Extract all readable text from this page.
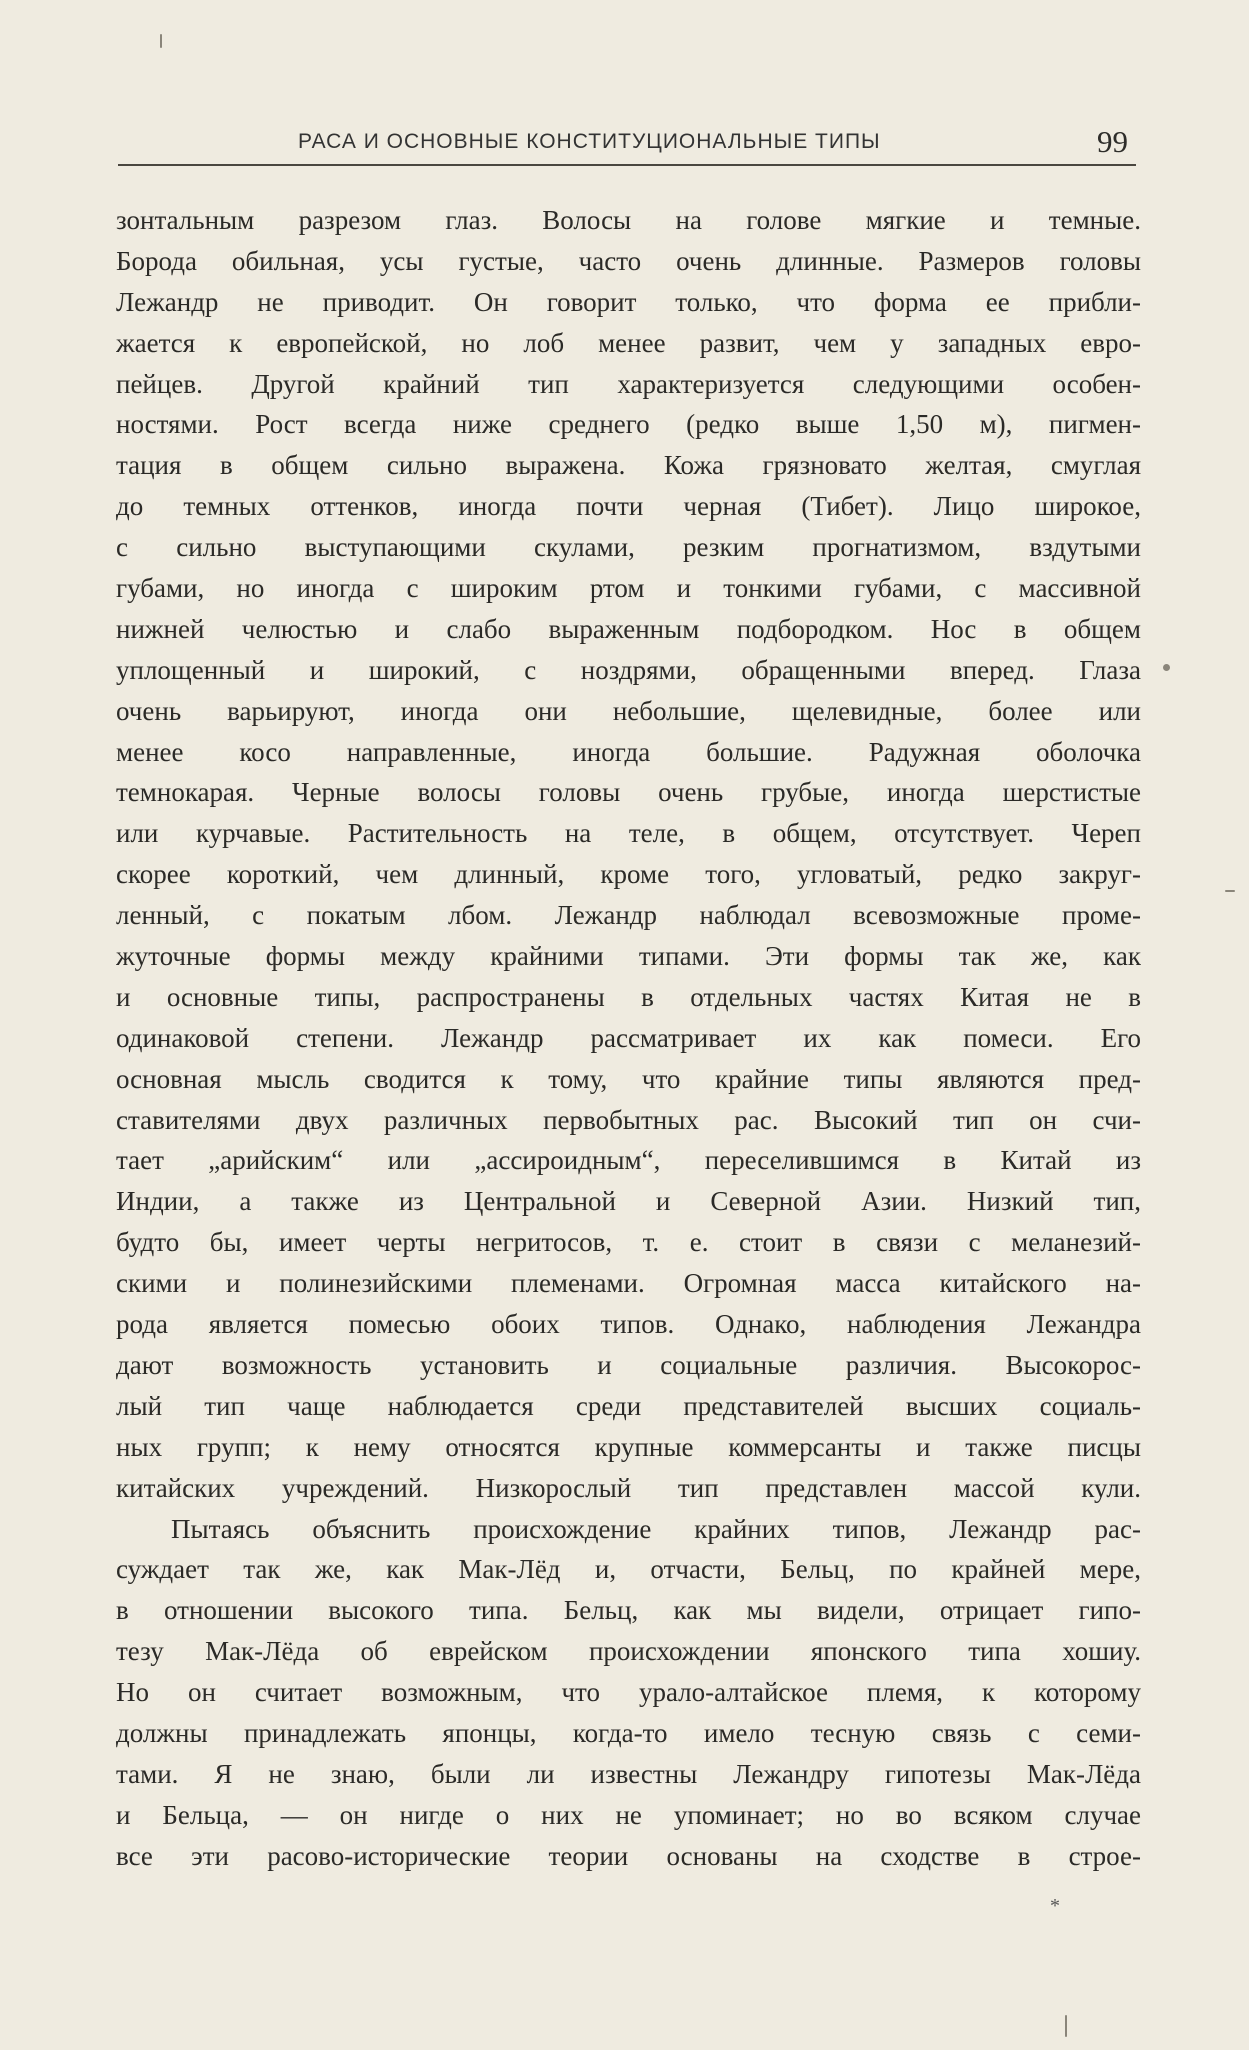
РАСА И ОСНОВНЫЕ КОНСТИТУЦИОНАЛЬНЫЕ ТИПЫ	99
зонтальным разрезом глаз. Волосы на голове мягкие и темные.
Борода обильная, усы густые, часто очень длинные. Размеров головы
Лежандр не приводит. Он говорит только, что форма ее прибли-
жается к европейской, но лоб менее развит, чем у западных евро-
пейцев. Другой крайний тип характеризуется следующими особен-
ностями. Рост всегда ниже среднего (редко выше 1,50 м), пигмен-
тация в общем сильно выражена. Кожа грязновато желтая, смуглая
до темных оттенков, иногда почти черная (Тибет). Лицо широкое,
с сильно выступающими скулами, резким прогнатизмом, вздутыми
губами, но иногда с широким ртом и тонкими губами, с массивной
нижней челюстью и слабо выраженным подбородком. Нос в общем
уплощенный и широкий, с ноздрями, обращенными вперед. Глаза
очень варьируют, иногда они небольшие, щелевидные, более или
менее косо направленные, иногда большие. Радужная оболочка
темнокарая. Черные волосы головы очень грубые, иногда шерстистые
или курчавые. Растительность на теле, в общем, отсутствует. Череп
скорее короткий, чем длинный, кроме того, угловатый, редко закруг-
ленный, с покатым лбом. Лежандр наблюдал всевозможные проме-
жуточные формы между крайними типами. Эти формы так же, как
и основные типы, распространены в отдельных частях Китая не в
одинаковой степени. Лежандр рассматривает их как помеси. Его
основная мысль сводится к тому, что крайние типы являются пред-
ставителями двух различных первобытных рас. Высокий тип он счи-
тает „арийским“ или „ассироидным“, переселившимся в Китай из
Индии, а также из Центральной и Северной Азии. Низкий тип,
будто бы, имеет черты негритосов, т. е. стоит в связи с меланезий-
скими и полинезийскими племенами. Огромная масса китайского на-
рода является помесью обоих типов. Однако, наблюдения Лежандра
дают возможность установить и социальные различия. Высокорос-
лый тип чаще наблюдается среди представителей высших социаль-
ных групп; к нему относятся крупные коммерсанты и также писцы
китайских учреждений. Низкорослый тип представлен массой кули.
Пытаясь объяснить происхождение крайних типов, Лежандр рас-
суждает так же, как Мак-Лёд и, отчасти, Бельц, по крайней мере,
в отношении высокого типа. Бельц, как мы видели, отрицает гипо-
тезу Мак-Лёда об еврейском происхождении японского типа хошиу.
Но он считает возможным, что урало-алтайское племя, к которому
должны принадлежать японцы, когда-то имело тесную связь с семи-
тами. Я не знаю, были ли известны Лежандру гипотезы Мак-Лёда
и Бельца, — он нигде о них не упоминает; но во всяком случае
все эти расово-исторические теории основаны на сходстве в строе-
*
